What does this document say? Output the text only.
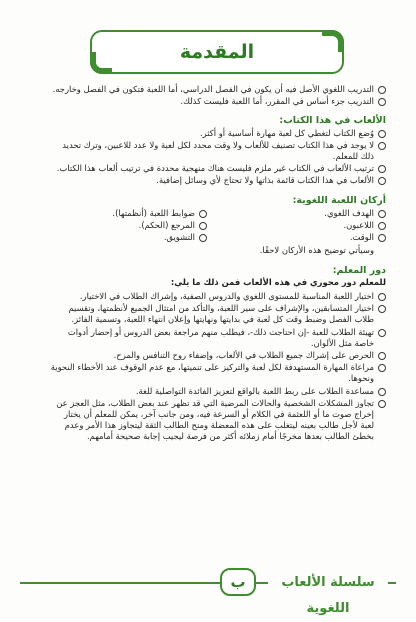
المقدمة
التدريب اللغوي الأصل فيه أن يكون في الفصل الدراسي، أما اللعبة فتكون في الفصل وخارجه.
التدريب جزء أساس في المقرر، أما اللعبة فليست كذلك.
الألعاب في هذا الكتاب:
وُضع الكتاب لتغطي كل لعبة مهارة أساسية أو أكثر.
لا يوجد في هذا الكتاب تصنيف للألعاب ولا وقت محدد لكل لعبة ولا عدد للاعبين، وترك تحديد ذلك للمعلم.
ترتيب الألعاب في الكتاب غير ملزم فليست هناك منهجية محددة في ترتيب ألعاب هذا الكتاب.
الألعاب في هذا الكتاب قائمة بذاتها ولا تحتاج لأي وسائل إضافية.
أركان اللعبة اللغوية:
الهدف اللغوي.
ضوابط اللعبة (أنظمتها).
اللاعبون.
المرجع (الحكم).
الوقت.
التشويق.
وسيأتي توضيح هذه الأركان لاحقًا.
دور المعلم:
للمعلم دور محوري في هذه الألعاب فمن ذلك ما يلي:
اختيار اللعبة المناسبة للمستوى اللغوي والدروس الصفية، وإشراك الطلاب في الاختيار.
اختيار المتسابقين، والإشراف على سير اللعبة، والتأكد من امتثال الجميع لأنظمتها، وتقسيم طلاب الفصل وضبط وقت كل لعبة في بدايتها ونهايتها وإعلان انتهاء اللعبة، وتسمية الفائز.
تهيئة الطلاب للعبة -إن احتاجت ذلك-، فيطلب منهم مراجعة بعض الدروس أو إحضار أدوات خاصة مثل الألوان.
الحرص على إشراك جميع الطلاب في الألعاب، وإضفاء روح التنافس والمرح.
مراعاة المهارة المستهدفة لكل لعبة والتركيز على تنميتها، مع عدم الوقوف عند الأخطاء النحوية ونحوها.
مساعدة الطلاب على ربط اللعبة بالواقع لتعزيز الفائدة التواصلية للغة.
تجاوز المشكلات الشخصية والحالات المرضية التي قد تظهر عند بعض الطلاب، مثل العجز عن إخراج صوت ما أو اللعثمة في الكلام أو السرعة فيه، ومن جانب آخر، يمكن للمعلم أن يختار لعبة لأجل طالب بعينه ليتغلب على هذه المعضلة ومنح الطالب الثقة ليتجاوز هذا الأمر وعدم بخطئ الطالب بعدها مخرجًا أمام زملائه أكثر من فرصة ليجيب إجابة صحيحة أمامهم.
ب	سلسلة الألعاب اللغوية
